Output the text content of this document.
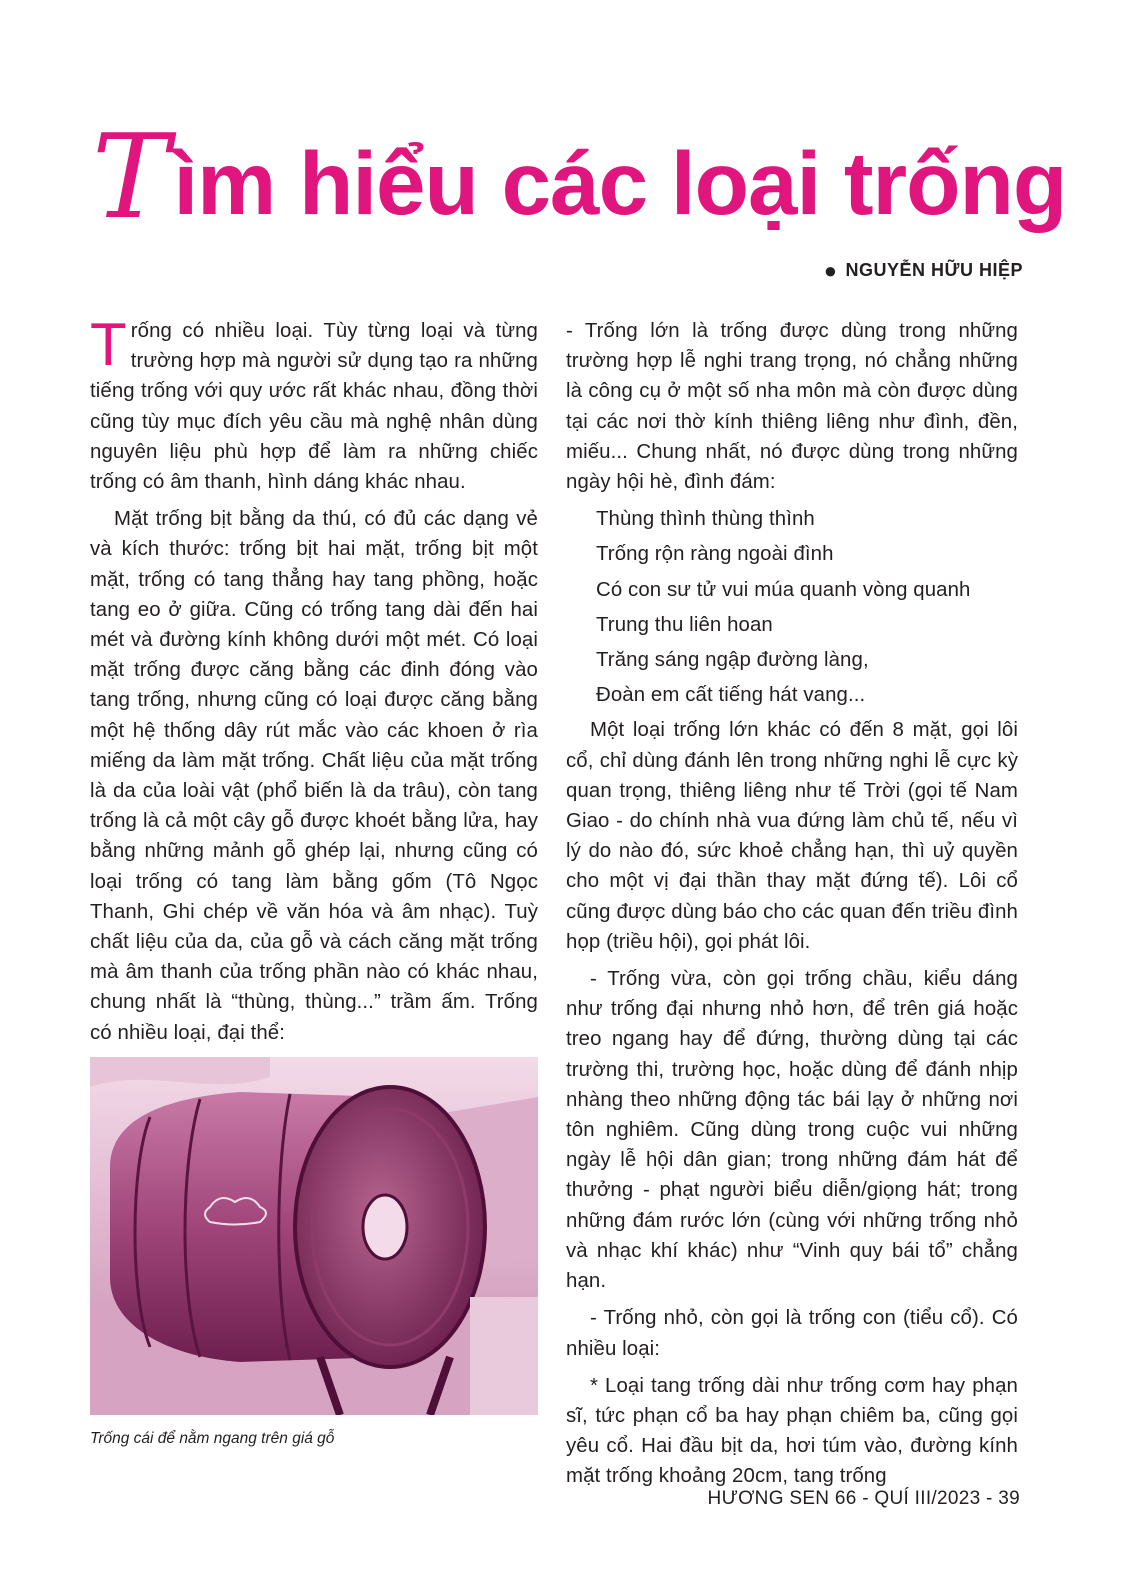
Tìm hiểu các loại trống
● NGUYỄN HỮU HIỆP

Trống có nhiều loại. Tùy từng loại và từng trường hợp mà người sử dụng tạo ra những tiếng trống với quy ước rất khác nhau, đồng thời cũng tùy mục đích yêu cầu mà nghệ nhân dùng nguyên liệu phù hợp để làm ra những chiếc trống có âm thanh, hình dáng khác nhau.

Mặt trống bịt bằng da thú, có đủ các dạng vẻ và kích thước: trống bịt hai mặt, trống bịt một mặt, trống có tang thẳng hay tang phồng, hoặc tang eo ở giữa. Cũng có trống tang dài đến hai mét và đường kính không dưới một mét. Có loại mặt trống được căng bằng các đinh đóng vào tang trống, nhưng cũng có loại được căng bằng một hệ thống dây rút mắc vào các khoen ở rìa miếng da làm mặt trống. Chất liệu của mặt trống là da của loài vật (phổ biến là da trâu), còn tang trống là cả một cây gỗ được khoét bằng lửa, hay bằng những mảnh gỗ ghép lại, nhưng cũng có loại trống có tang làm bằng gốm (Tô Ngọc Thanh, Ghi chép về văn hóa và âm nhạc). Tuỳ chất liệu của da, của gỗ và cách căng mặt trống mà âm thanh của trống phần nào có khác nhau, chung nhất là “thùng, thùng...” trầm ấm. Trống có nhiều loại, đại thể:

Trống cái để nằm ngang trên giá gỗ

- Trống lớn là trống được dùng trong những trường hợp lễ nghi trang trọng, nó chẳng những là công cụ ở một số nha môn mà còn được dùng tại các nơi thờ kính thiêng liêng như đình, đền, miếu... Chung nhất, nó được dùng trong những ngày hội hè, đình đám:

Thùng thình thùng thình

Trống rộn ràng ngoài đình

Có con sư tử vui múa quanh vòng quanh

Trung thu liên hoan

Trăng sáng ngập đường làng,

Đoàn em cất tiếng hát vang...

Một loại trống lớn khác có đến 8 mặt, gọi lôi cổ, chỉ dùng đánh lên trong những nghi lễ cực kỳ quan trọng, thiêng liêng như tế Trời (gọi tế Nam Giao - do chính nhà vua đứng làm chủ tế, nếu vì lý do nào đó, sức khoẻ chẳng hạn, thì uỷ quyền cho một vị đại thần thay mặt đứng tế). Lôi cổ cũng được dùng báo cho các quan đến triều đình họp (triều hội), gọi phát lôi.

- Trống vừa, còn gọi trống chầu, kiểu dáng như trống đại nhưng nhỏ hơn, để trên giá hoặc treo ngang hay để đứng, thường dùng tại các trường thi, trường học, hoặc dùng để đánh nhịp nhàng theo những động tác bái lạy ở những nơi tôn nghiêm. Cũng dùng trong cuộc vui những ngày lễ hội dân gian; trong những đám hát để thưởng - phạt người biểu diễn/giọng hát; trong những đám rước lớn (cùng với những trống nhỏ và nhạc khí khác) như “Vinh quy bái tổ” chẳng hạn.

- Trống nhỏ, còn gọi là trống con (tiểu cổ). Có nhiều loại:

* Loại tang trống dài như trống cơm hay phạn sĩ, tức phạn cổ ba hay phạn chiêm ba, cũng gọi yêu cổ. Hai đầu bịt da, hơi túm vào, đường kính mặt trống khoảng 20cm, tang trống

HƯƠNG SEN 66 - QUÍ III/2023 - 39
